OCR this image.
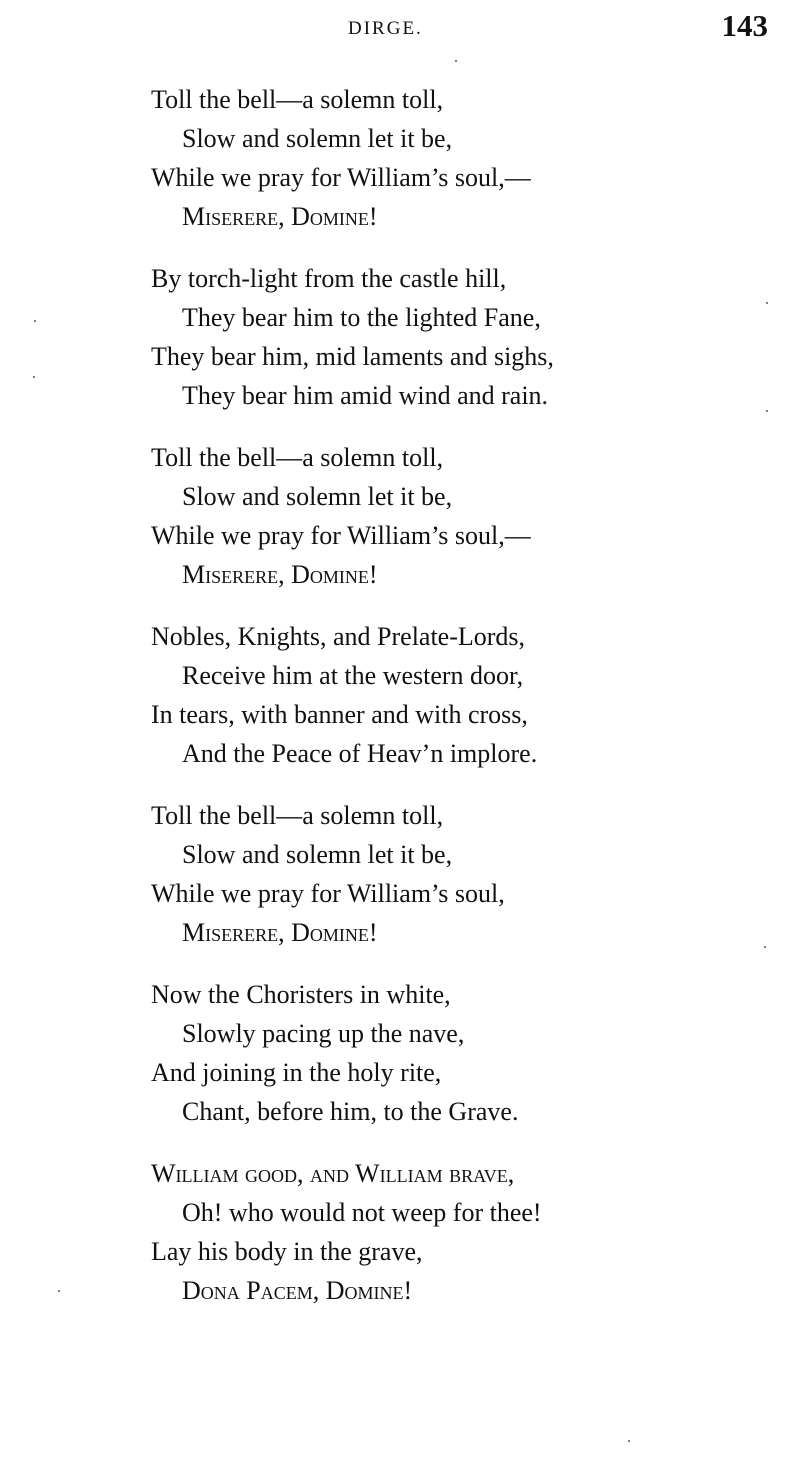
DIRGE.	143
Toll the bell—a solemn toll,
Slow and solemn let it be,
While we pray for William’s soul,—
Miserere, Domine!
By torch-light from the castle hill,
They bear him to the lighted Fane,
They bear him, mid laments and sighs,
They bear him amid wind and rain.
Toll the bell—a solemn toll,
Slow and solemn let it be,
While we pray for William’s soul,—
Miserere, Domine!
Nobles, Knights, and Prelate-Lords,
Receive him at the western door,
In tears, with banner and with cross,
And the Peace of Heav’n implore.
Toll the bell—a solemn toll,
Slow and solemn let it be,
While we pray for William’s soul,
Miserere, Domine!
Now the Choristers in white,
Slowly pacing up the nave,
And joining in the holy rite,
Chant, before him, to the Grave.
William good, and William brave,
Oh! who would not weep for thee!
Lay his body in the grave,
Dona Pacem, Domine!
